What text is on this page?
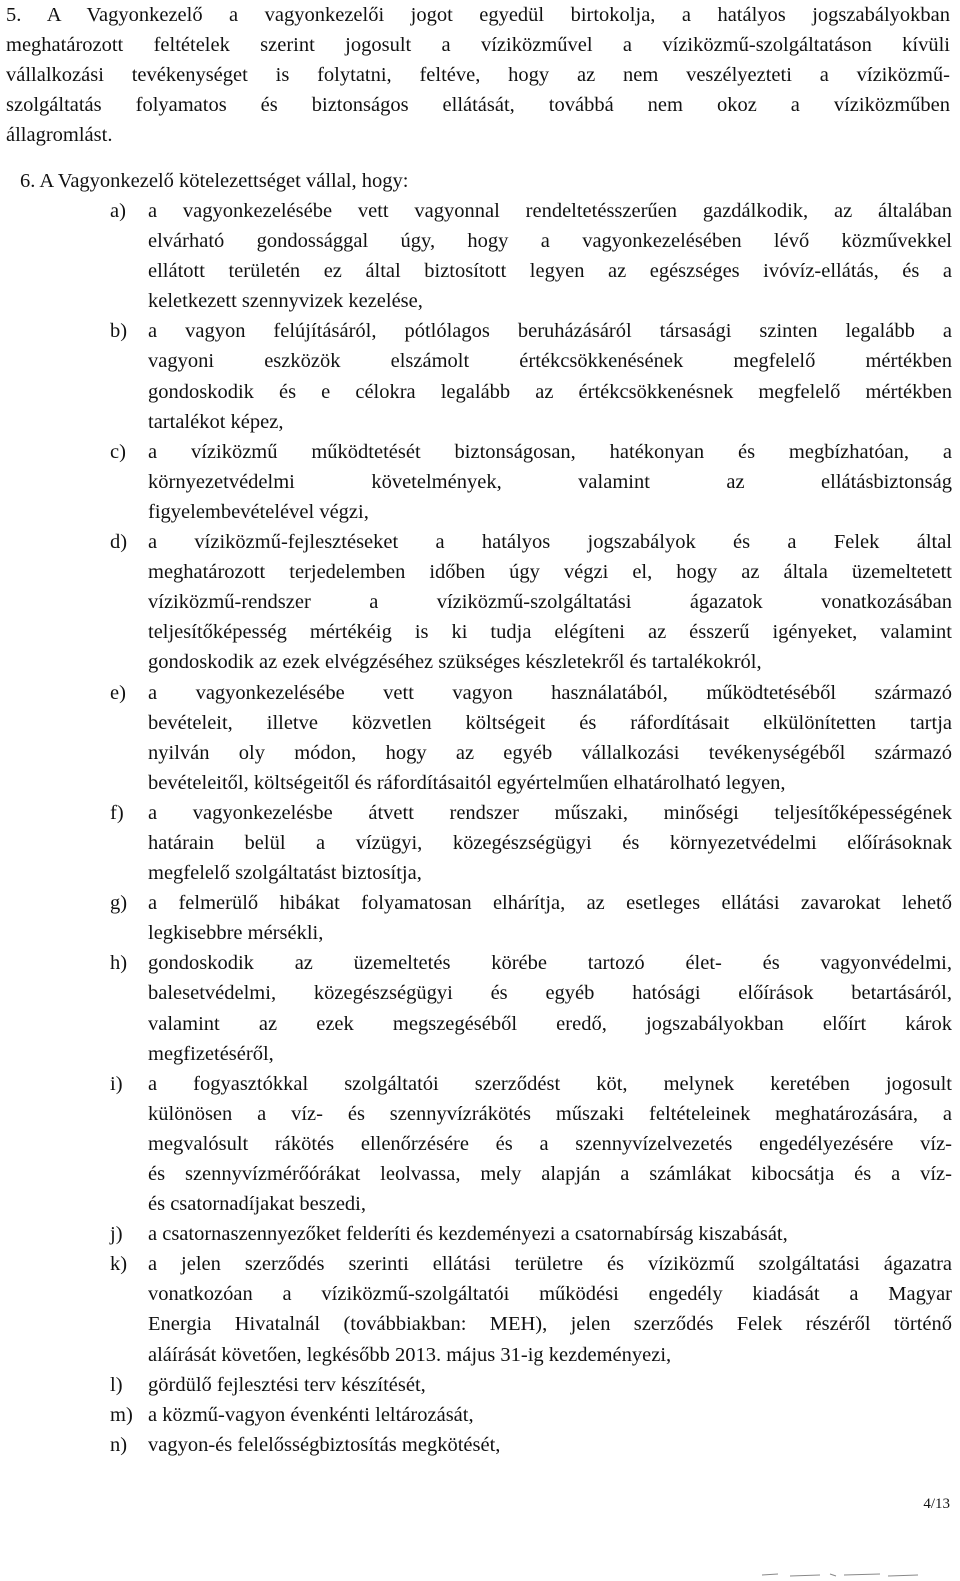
5. A Vagyonkezelő a vagyonkezelői jogot egyedül birtokolja, a hatályos jogszabályokban
meghatározott feltételek szerint jogosult a víziközművel a víziközmű-szolgáltatáson kívüli
vállalkozási tevékenységet is folytatni, feltéve, hogy az nem veszélyezteti a víziközmű-
szolgáltatás folyamatos és biztonságos ellátását, továbbá nem okoz a víziközműben
állagromlást.
6. A Vagyonkezelő kötelezettséget vállal, hogy:
a)	a vagyonkezelésébe vett vagyonnal rendeltetésszerűen gazdálkodik, az általában
elvárható gondossággal úgy, hogy a vagyonkezelésében lévő közművekkel
ellátott területén ez által biztosított legyen az egészséges ivóvíz-ellátás, és a
keletkezett szennyvizek kezelése,
b)	a vagyon felújításáról, pótlólagos beruházásáról társasági szinten legalább a
vagyoni eszközök elszámolt értékcsökkenésének megfelelő mértékben
gondoskodik és e célokra legalább az értékcsökkenésnek megfelelő mértékben
tartalékot képez,
c)	a víziközmű működtetését biztonságosan, hatékonyan és megbízhatóan, a
környezetvédelmi követelmények, valamint az ellátásbiztonság
figyelembevételével végzi,
d)	a víziközmű-fejlesztéseket a hatályos jogszabályok és a Felek által
meghatározott terjedelemben időben úgy végzi el, hogy az általa üzemeltetett
víziközmű-rendszer a víziközmű-szolgáltatási ágazatok vonatkozásában
teljesítőképesség mértékéig is ki tudja elégíteni az ésszerű igényeket, valamint
gondoskodik az ezek elvégzéséhez szükséges készletekről és tartalékokról,
e)	a vagyonkezelésébe vett vagyon használatából, működtetéséből származó
bevételeit, illetve közvetlen költségeit és ráfordításait elkülönítetten tartja
nyilván oly módon, hogy az egyéb vállalkozási tevékenységéből származó
bevételeitől, költségeitől és ráfordításaitól egyértelműen elhatárolható legyen,
f)	a vagyonkezelésbe átvett rendszer műszaki, minőségi teljesítőképességének
határain belül a vízügyi, közegészségügyi és környezetvédelmi előírásoknak
megfelelő szolgáltatást biztosítja,
g)	a felmerülő hibákat folyamatosan elhárítja, az esetleges ellátási zavarokat lehető
legkisebbre mérsékli,
h)	gondoskodik az üzemeltetés körébe tartozó élet- és vagyonvédelmi,
balesetvédelmi, közegészségügyi és egyéb hatósági előírások betartásáról,
valamint az ezek megszegéséből eredő, jogszabályokban előírt károk
megfizetéséről,
i)	a fogyasztókkal szolgáltatói szerződést köt, melynek keretében jogosult
különösen a víz- és szennyvízrákötés műszaki feltételeinek meghatározására, a
megvalósult rákötés ellenőrzésére és a szennyvízelvezetés engedélyezésére víz-
és szennyvízmérőórákat leolvassa, mely alapján a számlákat kibocsátja és a víz-
és csatornadíjakat beszedi,
j)	a csatornaszennyezőket felderíti és kezdeményezi a csatornabírság kiszabását,
k)	a jelen szerződés szerinti ellátási területre és víziközmű szolgáltatási ágazatra
vonatkozóan a víziközmű-szolgáltatói működési engedély kiadását a Magyar
Energia Hivatalnál (továbbiakban: MEH), jelen szerződés Felek részéről történő
aláírását követően, legkésőbb 2013. május 31-ig kezdeményezi,
l)	gördülő fejlesztési terv készítését,
m) a közmű-vagyon évenkénti leltározását,
n)	vagyon-és felelősségbiztosítás megkötését,
4/13
